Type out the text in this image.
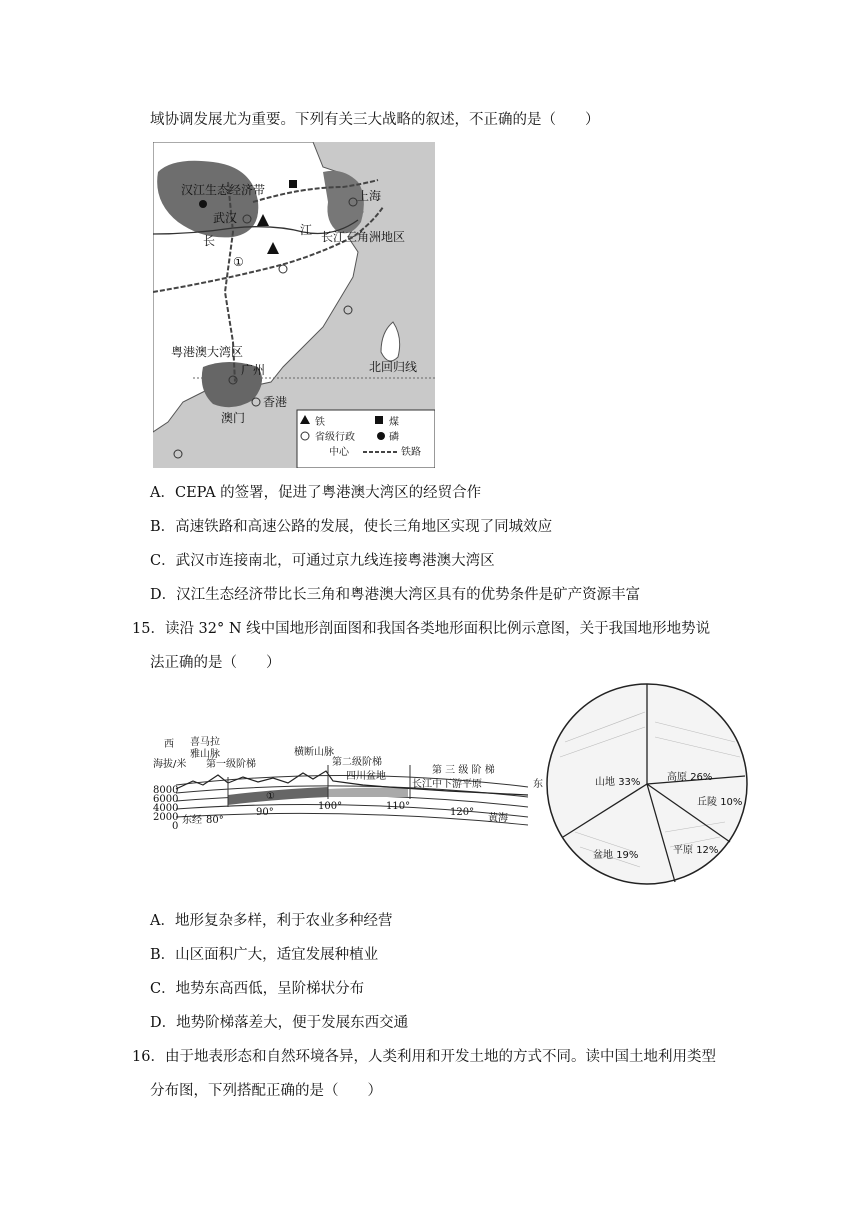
域协调发展尤为重要。下列有关三大战略的叙述，不正确的是（　　）
汉江生态经济带
武汉
上海
长
江 长江三角洲地区
①
粤港澳大湾区
广州
香港
澳门
北回归线
铁	煤
省级行政	磷
中心	铁路
A．CEPA 的签署，促进了粤港澳大湾区的经贸合作
B．高速铁路和高速公路的发展，使长三角地区实现了同城效应
C．武汉市连接南北，可通过京九线连接粤港澳大湾区
D．汉江生态经济带比长三角和粤港澳大湾区具有的优势条件是矿产资源丰富
15．读沿 32° N 线中国地形剖面图和我国各类地形面积比例示意图，关于我国地形地势说
法正确的是（　　）
西 喜马拉
雅山脉	横断山脉
海拔/米 第一级阶梯	第二级阶梯
第 三 级 阶 梯
四川盆地
长江中下游平原	东
黄海
①
8000
6000
4000
2000
0
东经 80°
90°
100°	110°
120°
山地 33%	高原 26%
丘陵 10%
平原 12%
盆地 19%
A．地形复杂多样，利于农业多种经营
B．山区面积广大，适宜发展种植业
C．地势东高西低，呈阶梯状分布
D．地势阶梯落差大，便于发展东西交通
16．由于地表形态和自然环境各异，人类利用和开发土地的方式不同。读中国土地利用类型
分布图，下列搭配正确的是（　　）
